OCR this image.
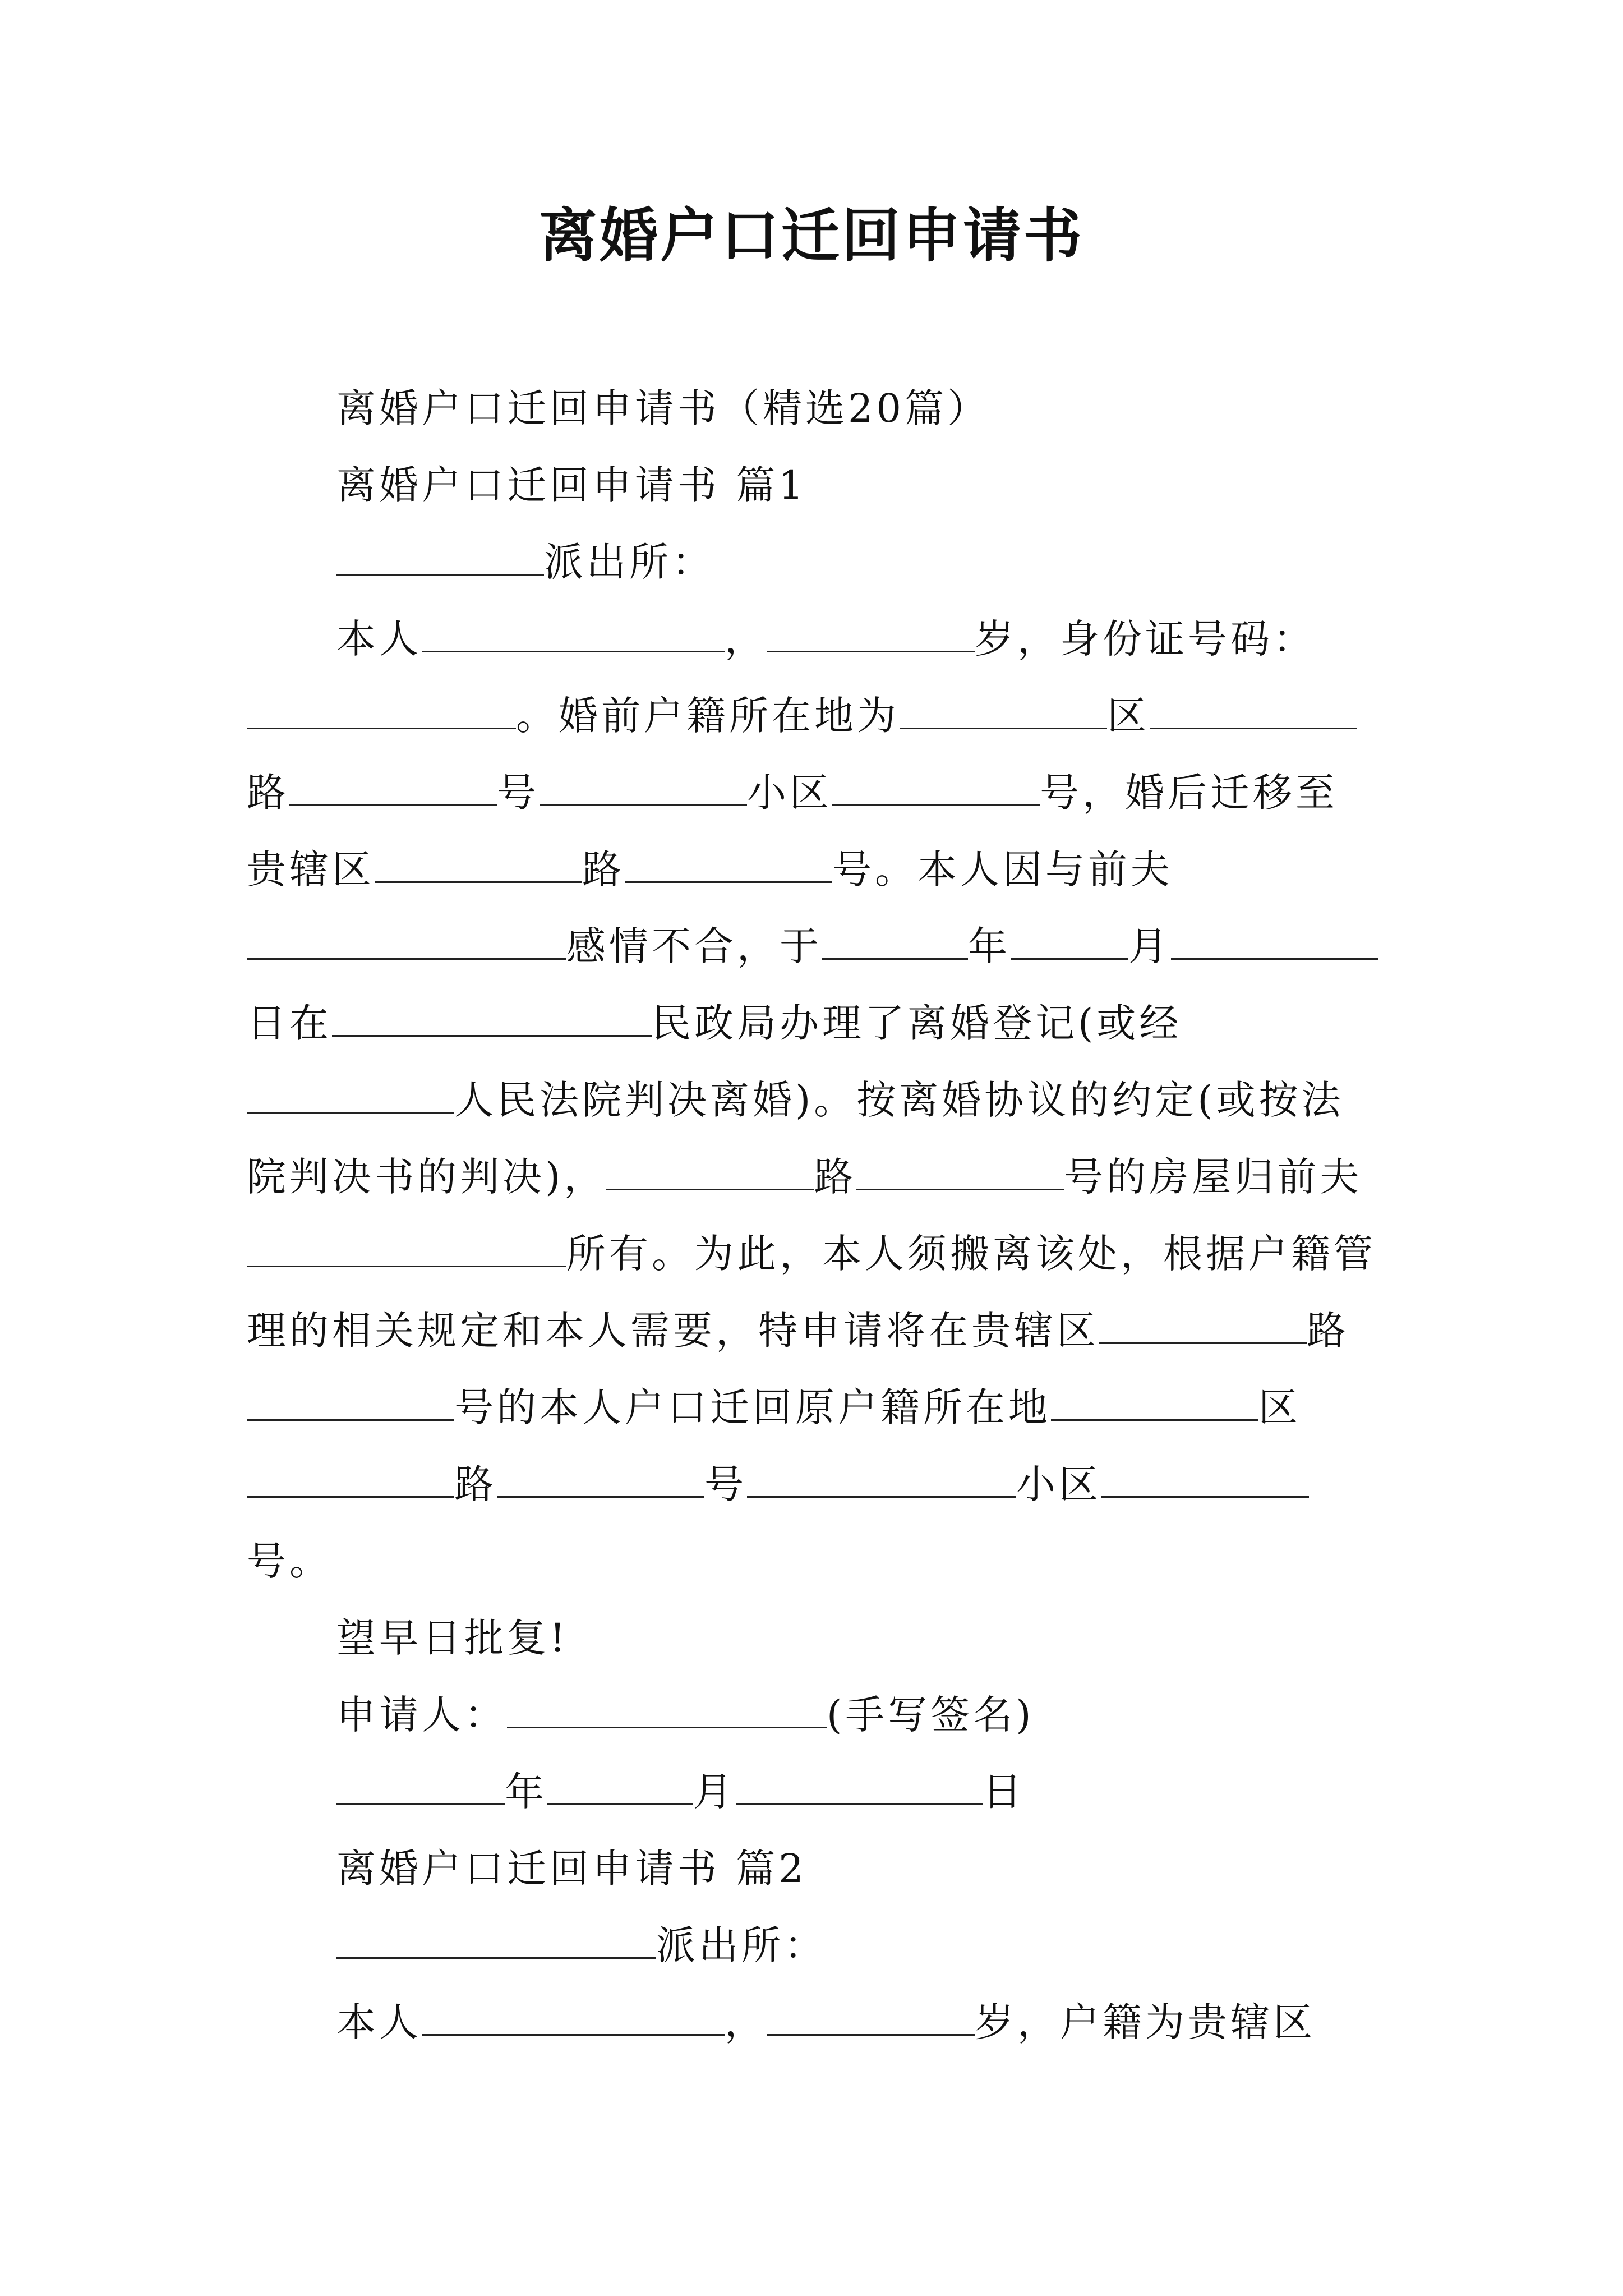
离婚户口迁回申请书

离婚户口迁回申请书（精选20篇）

离婚户口迁回申请书 篇1

派出所：

本人	，	岁，身份证号码：。婚前户籍所在地为	区路	号	小区	号，婚后迁移至贵辖区	路	号。本人因与前夫感情不合，于	年	月日在	民政局办理了离婚登记(或经人民法院判决离婚)。按离婚协议的约定(或按法院判决书的判决)，	路	号的房屋归前夫所有。为此，本人须搬离该处，根据户籍管理的相关规定和本人需要，特申请将在贵辖区	路号的本人户口迁回原户籍所在地	区路	号	小区号。

望早日批复!

申请人：	(手写签名)

年	月	日

离婚户口迁回申请书 篇2

派出所：

本人	，	岁，户籍为贵辖区
